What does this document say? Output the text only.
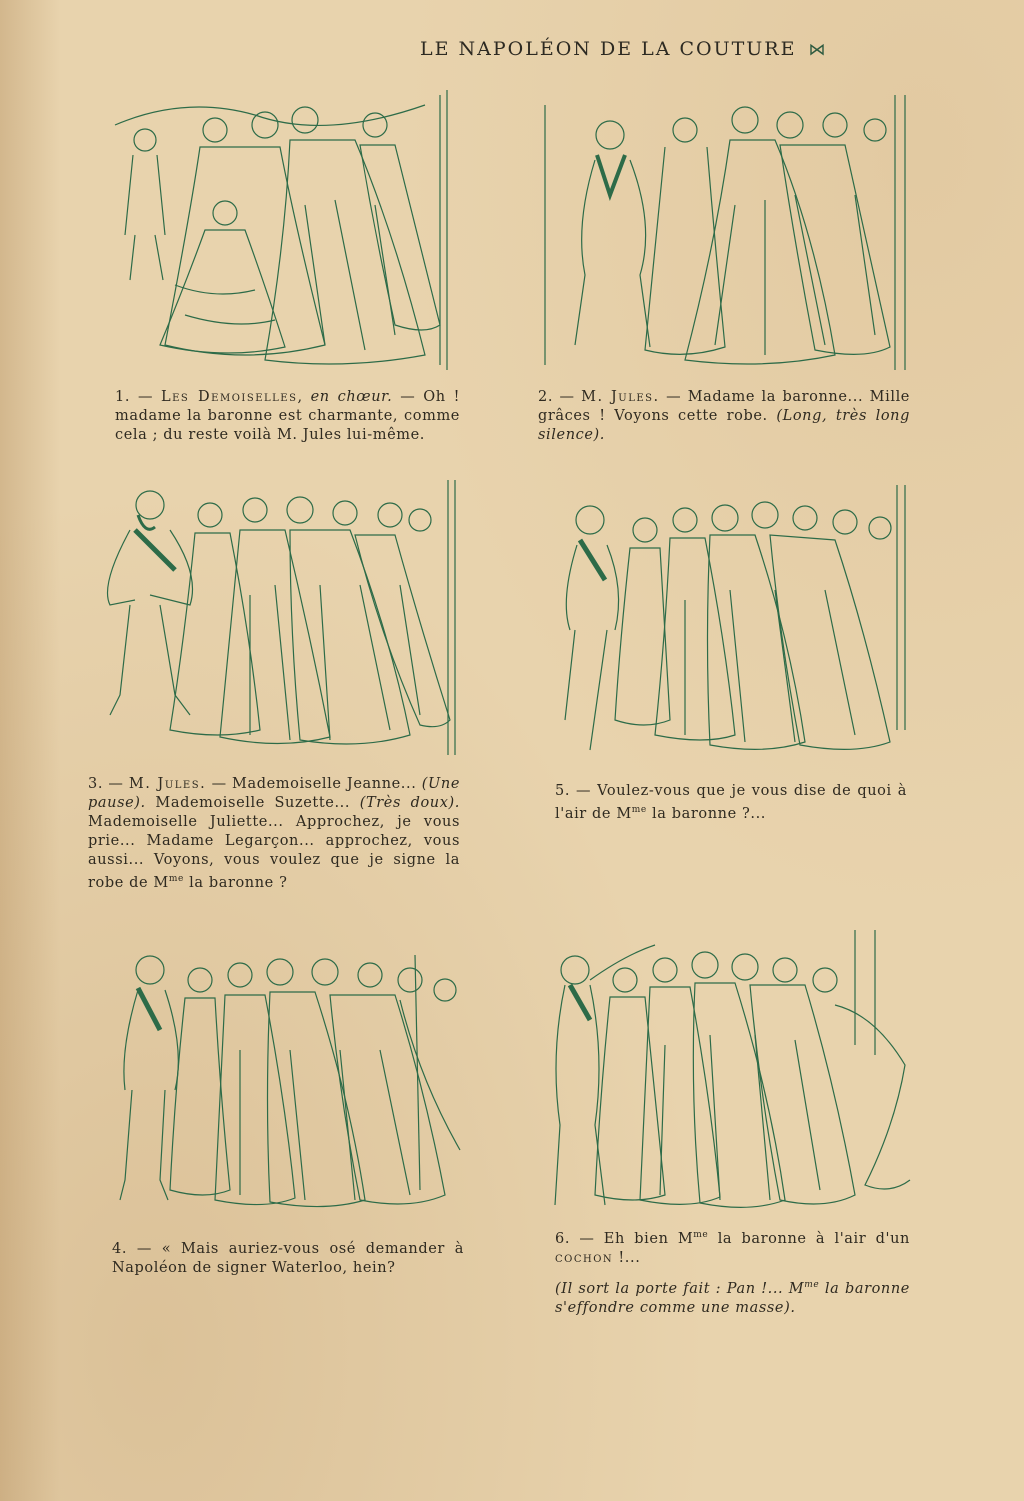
LE NAPOLÉON DE LA COUTURE ⋈
1. — Les Demoiselles, en chœur. — Oh ! madame la baronne est charmante, comme cela ; du reste voilà M. Jules lui-même.
2. — M. Jules. — Madame la baronne... Mille grâces ! Voyons cette robe. (Long, très long silence).
3. — M. Jules. — Mademoiselle Jeanne... (Une pause). Mademoiselle Suzette... (Très doux). Mademoiselle Juliette... Approchez, je vous prie... Madame Legarçon... approchez, vous aussi... Voyons, vous voulez que je signe la robe de $M^{me}$ la baronne ?
5. — Voulez-vous que je vous dise de quoi à l'air de $M^{me}$ la baronne ?...
4. — « Mais auriez-vous osé demander à Napoléon de signer Waterloo, hein?

6. — Eh bien $M^{me}$ la baronne à l'air d'un cochon !...

(Il sort la porte fait : Pan !... $M^{me}$ la baronne s'effondre comme une masse).
